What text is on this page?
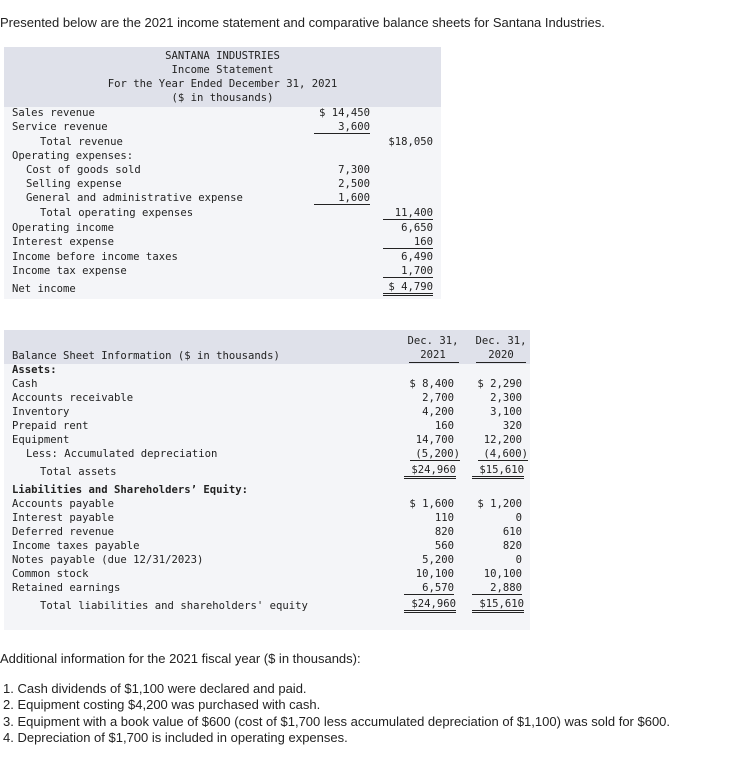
Presented below are the 2021 income statement and comparative balance sheets for Santana Industries.
SANTANA INDUSTRIES
Income Statement
For the Year Ended December 31, 2021
($ in thousands)
Sales revenue	$ 14,450
Service revenue	3,600
Total revenue	$18,050
Operating expenses:
Cost of goods sold	7,300
Selling expense	2,500
General and administrative expense	1,600
Total operating expenses	11,400
Operating income	6,650
Interest expense	160
Income before income taxes	6,490
Income tax expense	1,700
Net income	$ 4,790
Dec. 31,
2021
Dec. 31,
2020
Balance Sheet Information ($ in thousands)
Assets:
Cash	$ 8,400	$ 2,290
Accounts receivable	2,700	2,300
Inventory	4,200	3,100
Prepaid rent	160	320
Equipment	14,700	12,200
Less: Accumulated depreciation	(5,200)	(4,600)
Total assets	$24,960	$15,610
Liabilities and Shareholders’ Equity:
Accounts payable	$ 1,600	$ 1,200
Interest payable	110	0
Deferred revenue	820	610
Income taxes payable	560	820
Notes payable (due 12/31/2023)	5,200	0
Common stock	10,100	10,100
Retained earnings	6,570	2,880
Total liabilities and shareholders' equity	$24,960	$15,610
Additional information for the 2021 fiscal year ($ in thousands):
1. Cash dividends of $1,100 were declared and paid.
2. Equipment costing $4,200 was purchased with cash.
3. Equipment with a book value of $600 (cost of $1,700 less accumulated depreciation of $1,100) was sold for $600.
4. Depreciation of $1,700 is included in operating expenses.
